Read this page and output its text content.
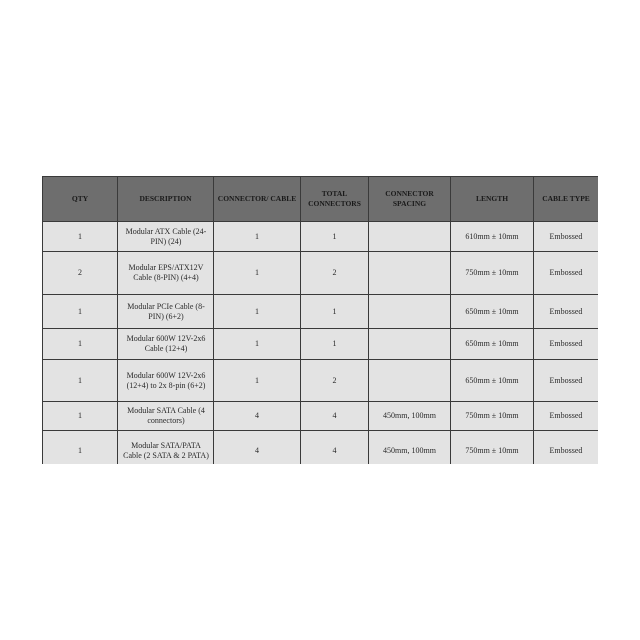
QTY	DESCRIPTION	CONNECTOR/ CABLE	TOTAL CONNECTORS	CONNECTOR SPACING	LENGTH	CABLE TYPE
1	Modular ATX Cable (24-PIN) (24)	1	1		610mm ± 10mm	Embossed
2	Modular EPS/ATX12V Cable (8-PIN) (4+4)	1	2		750mm ± 10mm	Embossed
1	Modular PCIe Cable (8-PIN) (6+2)	1	1		650mm ± 10mm	Embossed
1	Modular 600W 12V-2x6 Cable (12+4)	1	1		650mm ± 10mm	Embossed
1	Modular 600W 12V-2x6 (12+4) to 2x 8-pin (6+2)	1	2		650mm ± 10mm	Embossed
1	Modular SATA Cable (4 connectors)	4	4	450mm, 100mm	750mm ± 10mm	Embossed
1	Modular SATA/PATA Cable (2 SATA & 2 PATA)	4	4	450mm, 100mm	750mm ± 10mm	Embossed
